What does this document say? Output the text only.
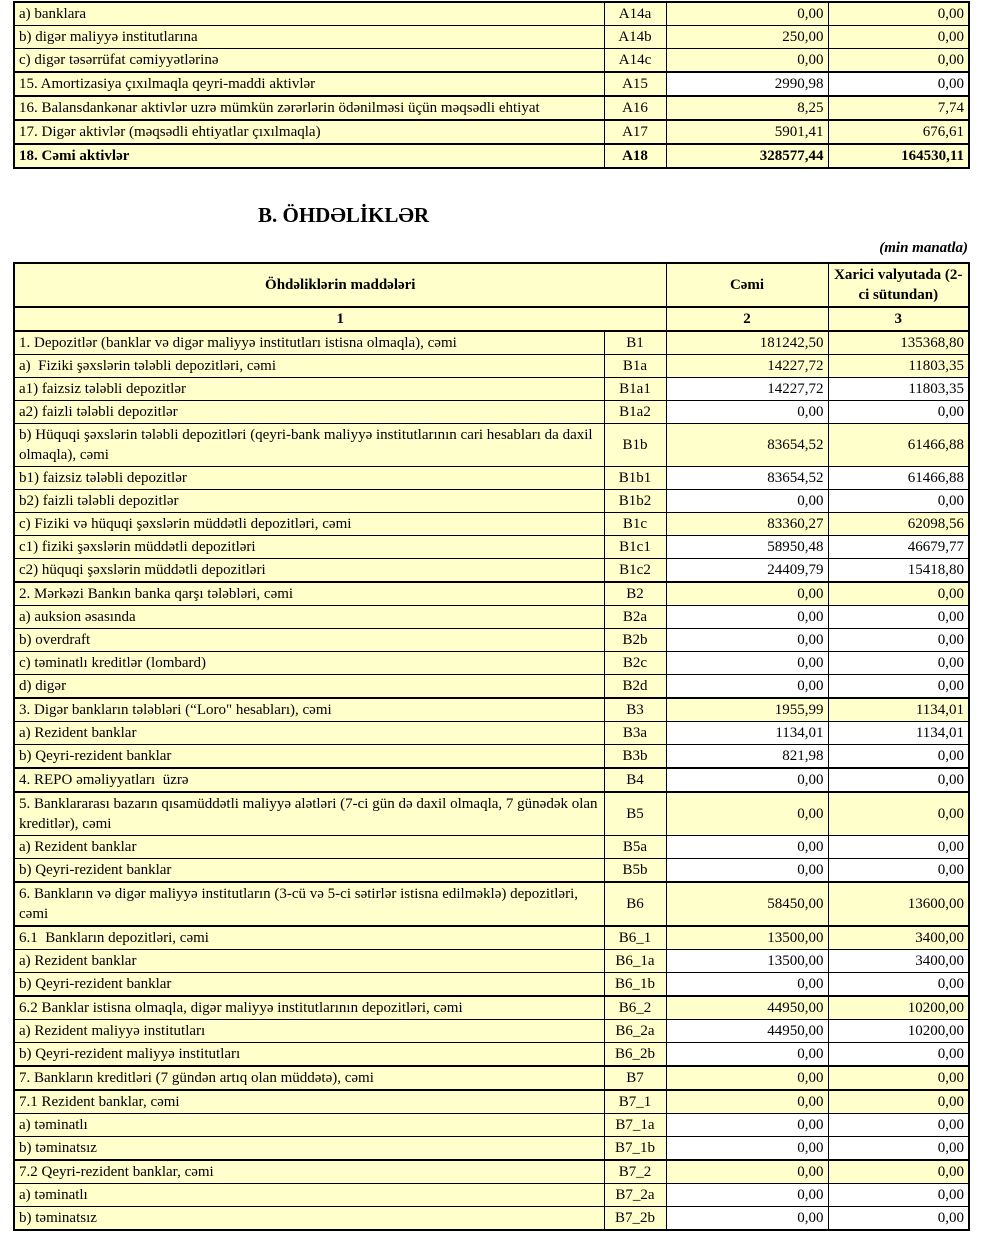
a) banklara	A14a	0,00	0,00
b) digər maliyyə institutlarına	A14b	250,00	0,00
c) digər təsərrüfat cəmiyyətlərinə	A14c	0,00	0,00
15. Amortizasiya çıxılmaqla qeyri-maddi aktivlər	A15	2990,98	0,00
16. Balansdankənar aktivlər uzrə mümkün zərərlərin ödənilməsi üçün məqsədli ehtiyat	A16	8,25	7,74
17. Digər aktivlər (məqsədli ehtiyatlar çıxılmaqla)	A17	5901,41	676,61
18. Cəmi aktivlər	A18	328577,44	164530,11
B. ÖHDƏLİKLƏR
(min manatla)
Öhdəliklərin maddələri		Cəmi	Xarici valyutada (2-ci sütundan)
1		2	3
1. Depozitlər (banklar və digər maliyyə institutları istisna olmaqla), cəmi	B1	181242,50	135368,80
a)  Fiziki şəxslərin tələbli depozitləri, cəmi	B1a	14227,72	11803,35
a1) faizsiz tələbli depozitlər	B1a1	14227,72	11803,35
a2) faizli tələbli depozitlər	B1a2	0,00	0,00
b) Hüquqi şəxslərin tələbli depozitləri (qeyri-bank maliyyə institutlarının cari hesabları da daxil olmaqla), cəmi	B1b	83654,52	61466,88
b1) faizsiz tələbli depozitlər	B1b1	83654,52	61466,88
b2) faizli tələbli depozitlər	B1b2	0,00	0,00
c) Fiziki və hüquqi şəxslərin müddətli depozitləri, cəmi	B1c	83360,27	62098,56
c1) fiziki şəxslərin müddətli depozitləri	B1c1	58950,48	46679,77
c2) hüquqi şəxslərin müddətli depozitləri	B1c2	24409,79	15418,80
2. Mərkəzi Bankın banka qarşı tələbləri, cəmi	B2	0,00	0,00
a) auksion əsasında	B2a	0,00	0,00
b) overdraft	B2b	0,00	0,00
c) təminatlı kreditlər (lombard)	B2c	0,00	0,00
d) digər	B2d	0,00	0,00
3. Digər bankların tələbləri (“Loro" hesabları), cəmi	B3	1955,99	1134,01
a) Rezident banklar	B3a	1134,01	1134,01
b) Qeyri-rezident banklar	B3b	821,98	0,00
4. REPO əməliyyatları  üzrə	B4	0,00	0,00
5. Banklararası bazarın qısamüddətli maliyyə alətləri (7-ci gün də daxil olmaqla, 7 günədək olan kreditlər), cəmi	B5	0,00	0,00
a) Rezident banklar	B5a	0,00	0,00
b) Qeyri-rezident banklar	B5b	0,00	0,00
6. Bankların və digər maliyyə institutların (3-cü və 5-ci sətirlər istisna edilməklə) depozitləri, cəmi	B6	58450,00	13600,00
6.1  Bankların depozitləri, cəmi	B6_1	13500,00	3400,00
a) Rezident banklar	B6_1a	13500,00	3400,00
b) Qeyri-rezident banklar	B6_1b	0,00	0,00
6.2 Banklar istisna olmaqla, digər maliyyə institutlarının depozitləri, cəmi	B6_2	44950,00	10200,00
a) Rezident maliyyə institutları	B6_2a	44950,00	10200,00
b) Qeyri-rezident maliyyə institutları	B6_2b	0,00	0,00
7. Bankların kreditləri (7 gündən artıq olan müddətə), cəmi	B7	0,00	0,00
7.1 Rezident banklar, cəmi	B7_1	0,00	0,00
a) təminatlı	B7_1a	0,00	0,00
b) təminatsız	B7_1b	0,00	0,00
7.2 Qeyri-rezident banklar, cəmi	B7_2	0,00	0,00
a) təminatlı	B7_2a	0,00	0,00
b) təminatsız	B7_2b	0,00	0,00
